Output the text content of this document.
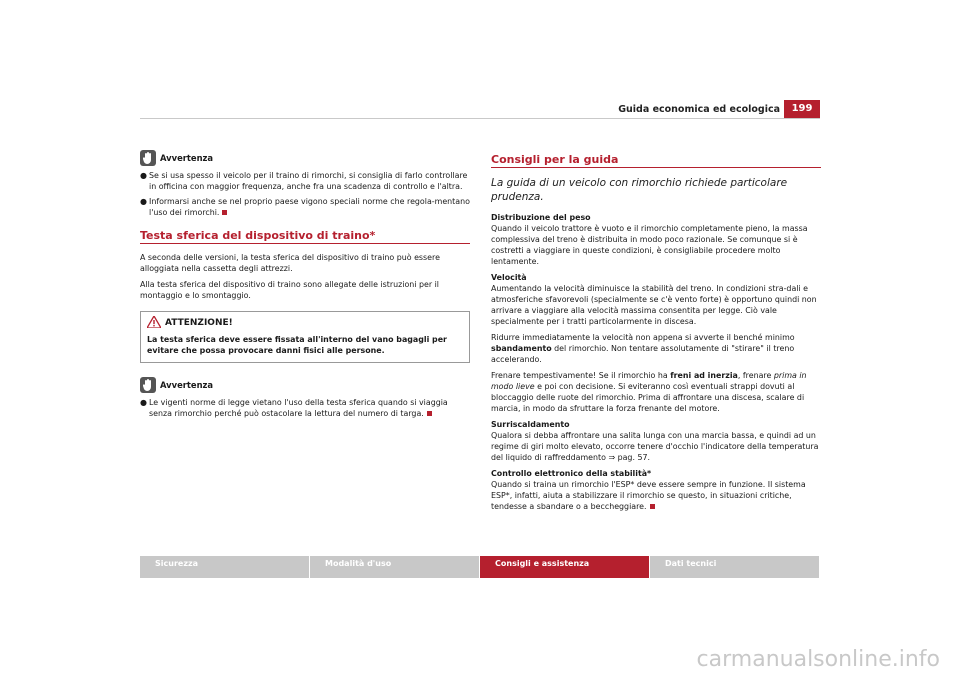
Guida economica ed ecologica	199
Avvertenza
● Se si usa spesso il veicolo per il traino di rimorchi, si consiglia di farlo controllare in officina con maggior frequenza, anche fra una scadenza di controllo e l'altra.
● Informarsi anche se nel proprio paese vigono speciali norme che regola-mentano l'uso dei rimorchi.
Testa sferica del dispositivo di traino*

A seconda delle versioni, la testa sferica del dispositivo di traino può essere alloggiata nella cassetta degli attrezzi.

Alla testa sferica del dispositivo di traino sono allegate delle istruzioni per il montaggio e lo smontaggio.

ATTENZIONE!
La testa sferica deve essere fissata all'interno del vano bagagli per evitare che possa provocare danni fisici alle persone.
Avvertenza
● Le vigenti norme di legge vietano l'uso della testa sferica quando si viaggia senza rimorchio perché può ostacolare la lettura del numero di targa.
Consigli per la guida
La guida di un veicolo con rimorchio richiede particolare prudenza.
Distribuzione del peso

Quando il veicolo trattore è vuoto e il rimorchio completamente pieno, la massa complessiva del treno è distribuita in modo poco razionale. Se comunque si è costretti a viaggiare in queste condizioni, è consigliabile procedere molto lentamente.

Velocità

Aumentando la velocità diminuisce la stabilità del treno. In condizioni stra-dali e atmosferiche sfavorevoli (specialmente se c'è vento forte) è opportuno quindi non arrivare a viaggiare alla velocità massima consentita per legge. Ciò vale specialmente per i tratti particolarmente in discesa.

Ridurre immediatamente la velocità non appena si avverte il benché minimo sbandamento del rimorchio. Non tentare assolutamente di "stirare" il treno accelerando.

Frenare tempestivamente! Se il rimorchio ha freni ad inerzia, frenare prima in modo lieve e poi con decisione. Si eviteranno così eventuali strappi dovuti al bloccaggio delle ruote del rimorchio. Prima di affrontare una discesa, scalare di marcia, in modo da sfruttare la forza frenante del motore.

Surriscaldamento

Qualora si debba affrontare una salita lunga con una marcia bassa, e quindi ad un regime di giri molto elevato, occorre tenere d'occhio l'indicatore della temperatura del liquido di raffreddamento ⇒ pag. 57.

Controllo elettronico della stabilità*

Quando si traina un rimorchio l'ESP* deve essere sempre in funzione. Il sistema ESP*, infatti, aiuta a stabilizzare il rimorchio se questo, in situazioni critiche, tendesse a sbandare o a beccheggiare.

Sicurezza	Modalità d'uso	Consigli e assistenza	Dati tecnici
carmanualsonline.info
